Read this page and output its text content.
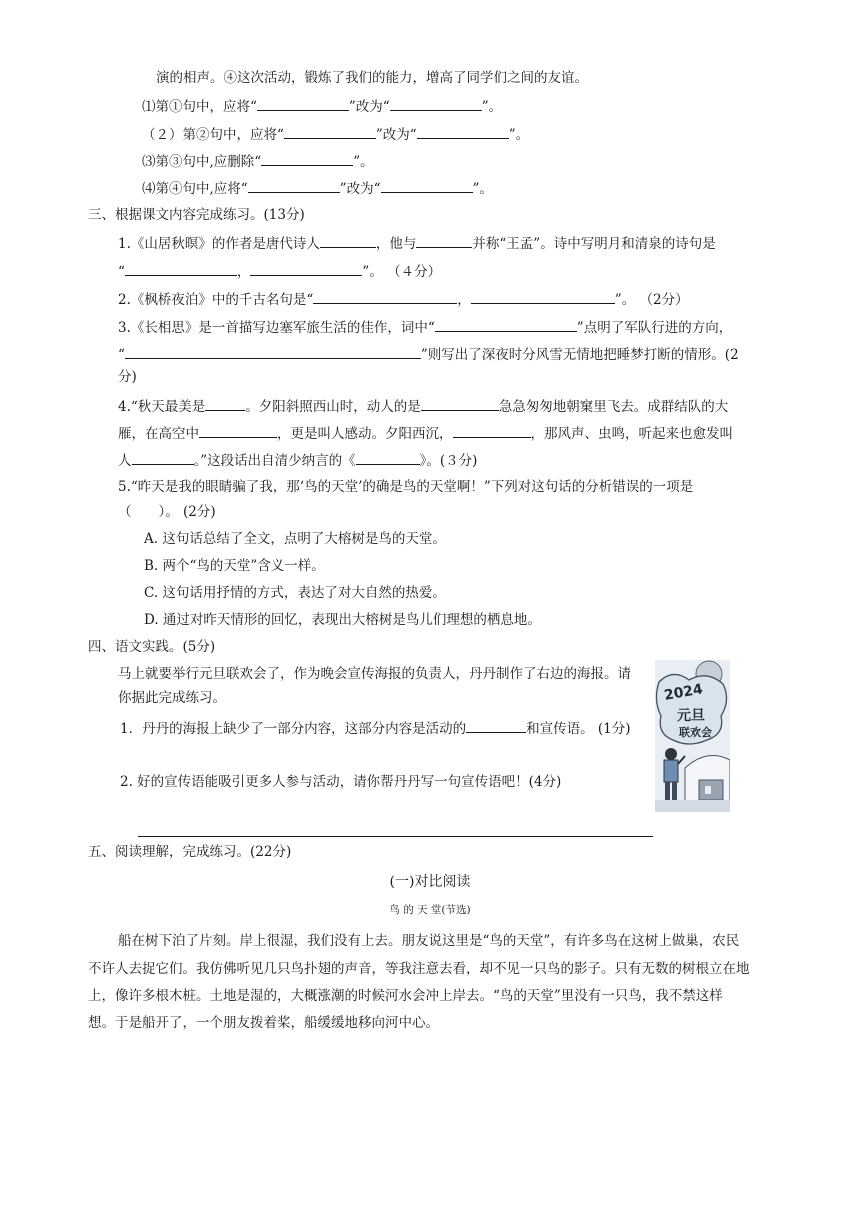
演的相声。④这次活动，锻炼了我们的能力，增高了同学们之间的友谊。
⑴第①句中，应将“	”改为“	”。
（２）第②句中，应将“	”改为“	”。
⑶第③句中,应删除“	”。
⑷第④句中,应将“	”改为“	”。
三、根据课文内容完成练习。(13分)
1.《山居秋暝》的作者是唐代诗人	，他与	并称“王孟”。诗中写明月和清泉的诗句是
“	，	”。 （４分）
2.《枫桥夜泊》中的千古名句是“	，	”。 （2分）
3.《长相思》是一首描写边塞军旅生活的佳作，词中“	”点明了军队行进的方向，
“	”则写出了深夜时分风雪无情地把睡梦打断的情形。(2
分)
4.“秋天最美是	。夕阳斜照西山时，动人的是	急急匆匆地朝窠里飞去。成群结队的大
雁，在高空中	，更是叫人感动。夕阳西沉，	，那风声、虫鸣，听起来也愈发叫
人	。”这段话出自清少纳言的《	》。(３分)
5.“昨天是我的眼睛骗了我，那‘鸟的天堂’的确是鸟的天堂啊！”下列对这句话的分析错误的一项是
（　　）。 (2分)
A. 这句话总结了全文，点明了大榕树是鸟的天堂。
B. 两个“鸟的天堂”含义一样。
C. 这句话用抒情的方式，表达了对大自然的热爱。
D. 通过对昨天情形的回忆，表现出大榕树是鸟儿们理想的栖息地。
四、语文实践。(5分)
马上就要举行元旦联欢会了，作为晚会宣传海报的负责人，丹丹制作了右边的海报。请
你据此完成练习。
1．丹丹的海报上缺少了一部分内容，这部分内容是活动的	和宣传语。 (1分)
2. 好的宣传语能吸引更多人参与活动，请你帮丹丹写一句宣传语吧！(4分)
2024
元旦
联欢会
五、阅读理解，完成练习。(22分)
(一)对比阅读
鸟 的 天 堂(节选)
船在树下泊了片刻。岸上很湿，我们没有上去。朋友说这里是“鸟的天堂”，有许多鸟在这树上做巢，农民
不许人去捉它们。我仿佛听见几只鸟扑翅的声音，等我注意去看，却不见一只鸟的影子。只有无数的树根立在地
上，像许多根木桩。土地是湿的，大概涨潮的时候河水会冲上岸去。“鸟的天堂”里没有一只鸟，我不禁这样
想。于是船开了，一个朋友拨着桨，船缓缓地移向河中心。
